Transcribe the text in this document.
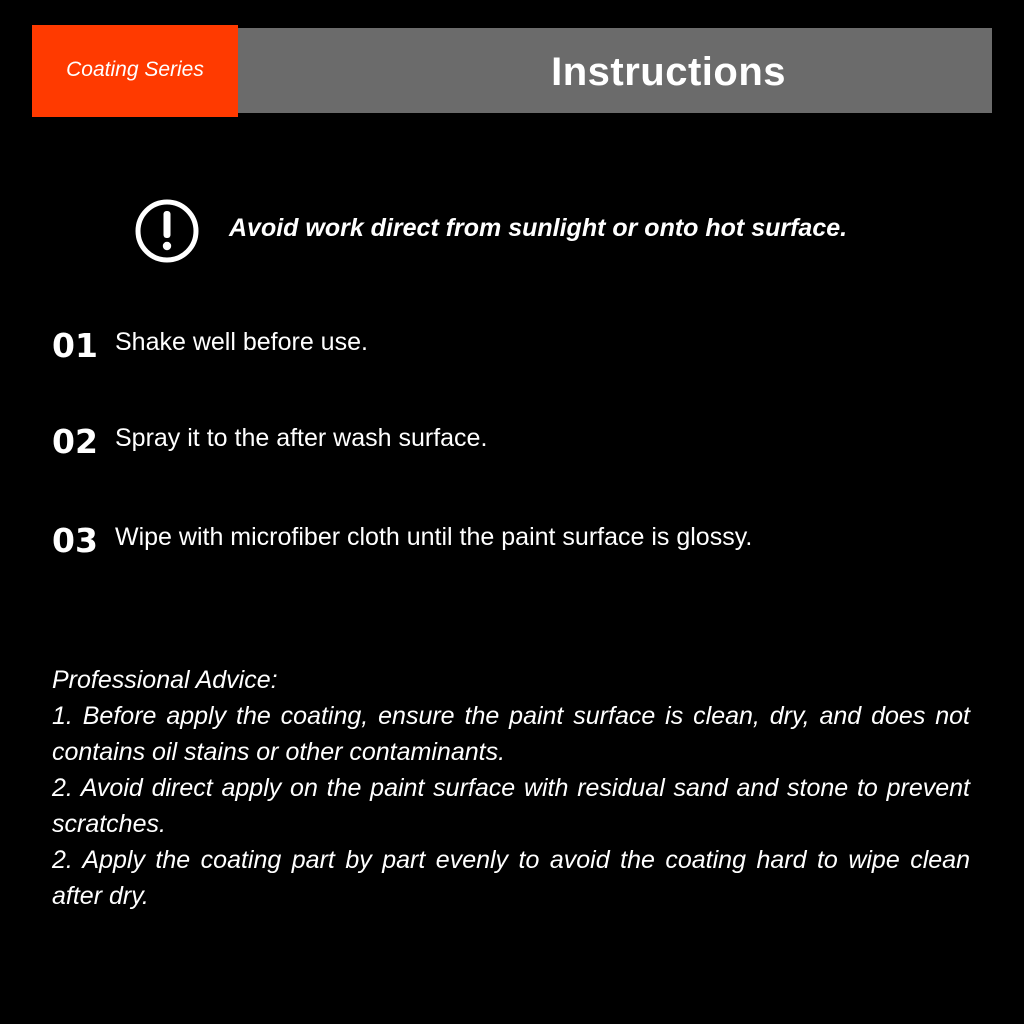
Instructions
Coating Series
Avoid work direct from sunlight or onto hot surface.
01 Shake well before use.
02 Spray it to the after wash surface.
03 Wipe with microfiber cloth until the paint surface is glossy.

Professional Advice:

1. Before apply the coating, ensure the paint surface is clean, dry, and does not contains oil stains or other contaminants.

2. Avoid direct apply on the paint surface with residual sand and stone to prevent scratches.

2. Apply the coating part by part evenly to avoid the coating hard to wipe clean after dry.
